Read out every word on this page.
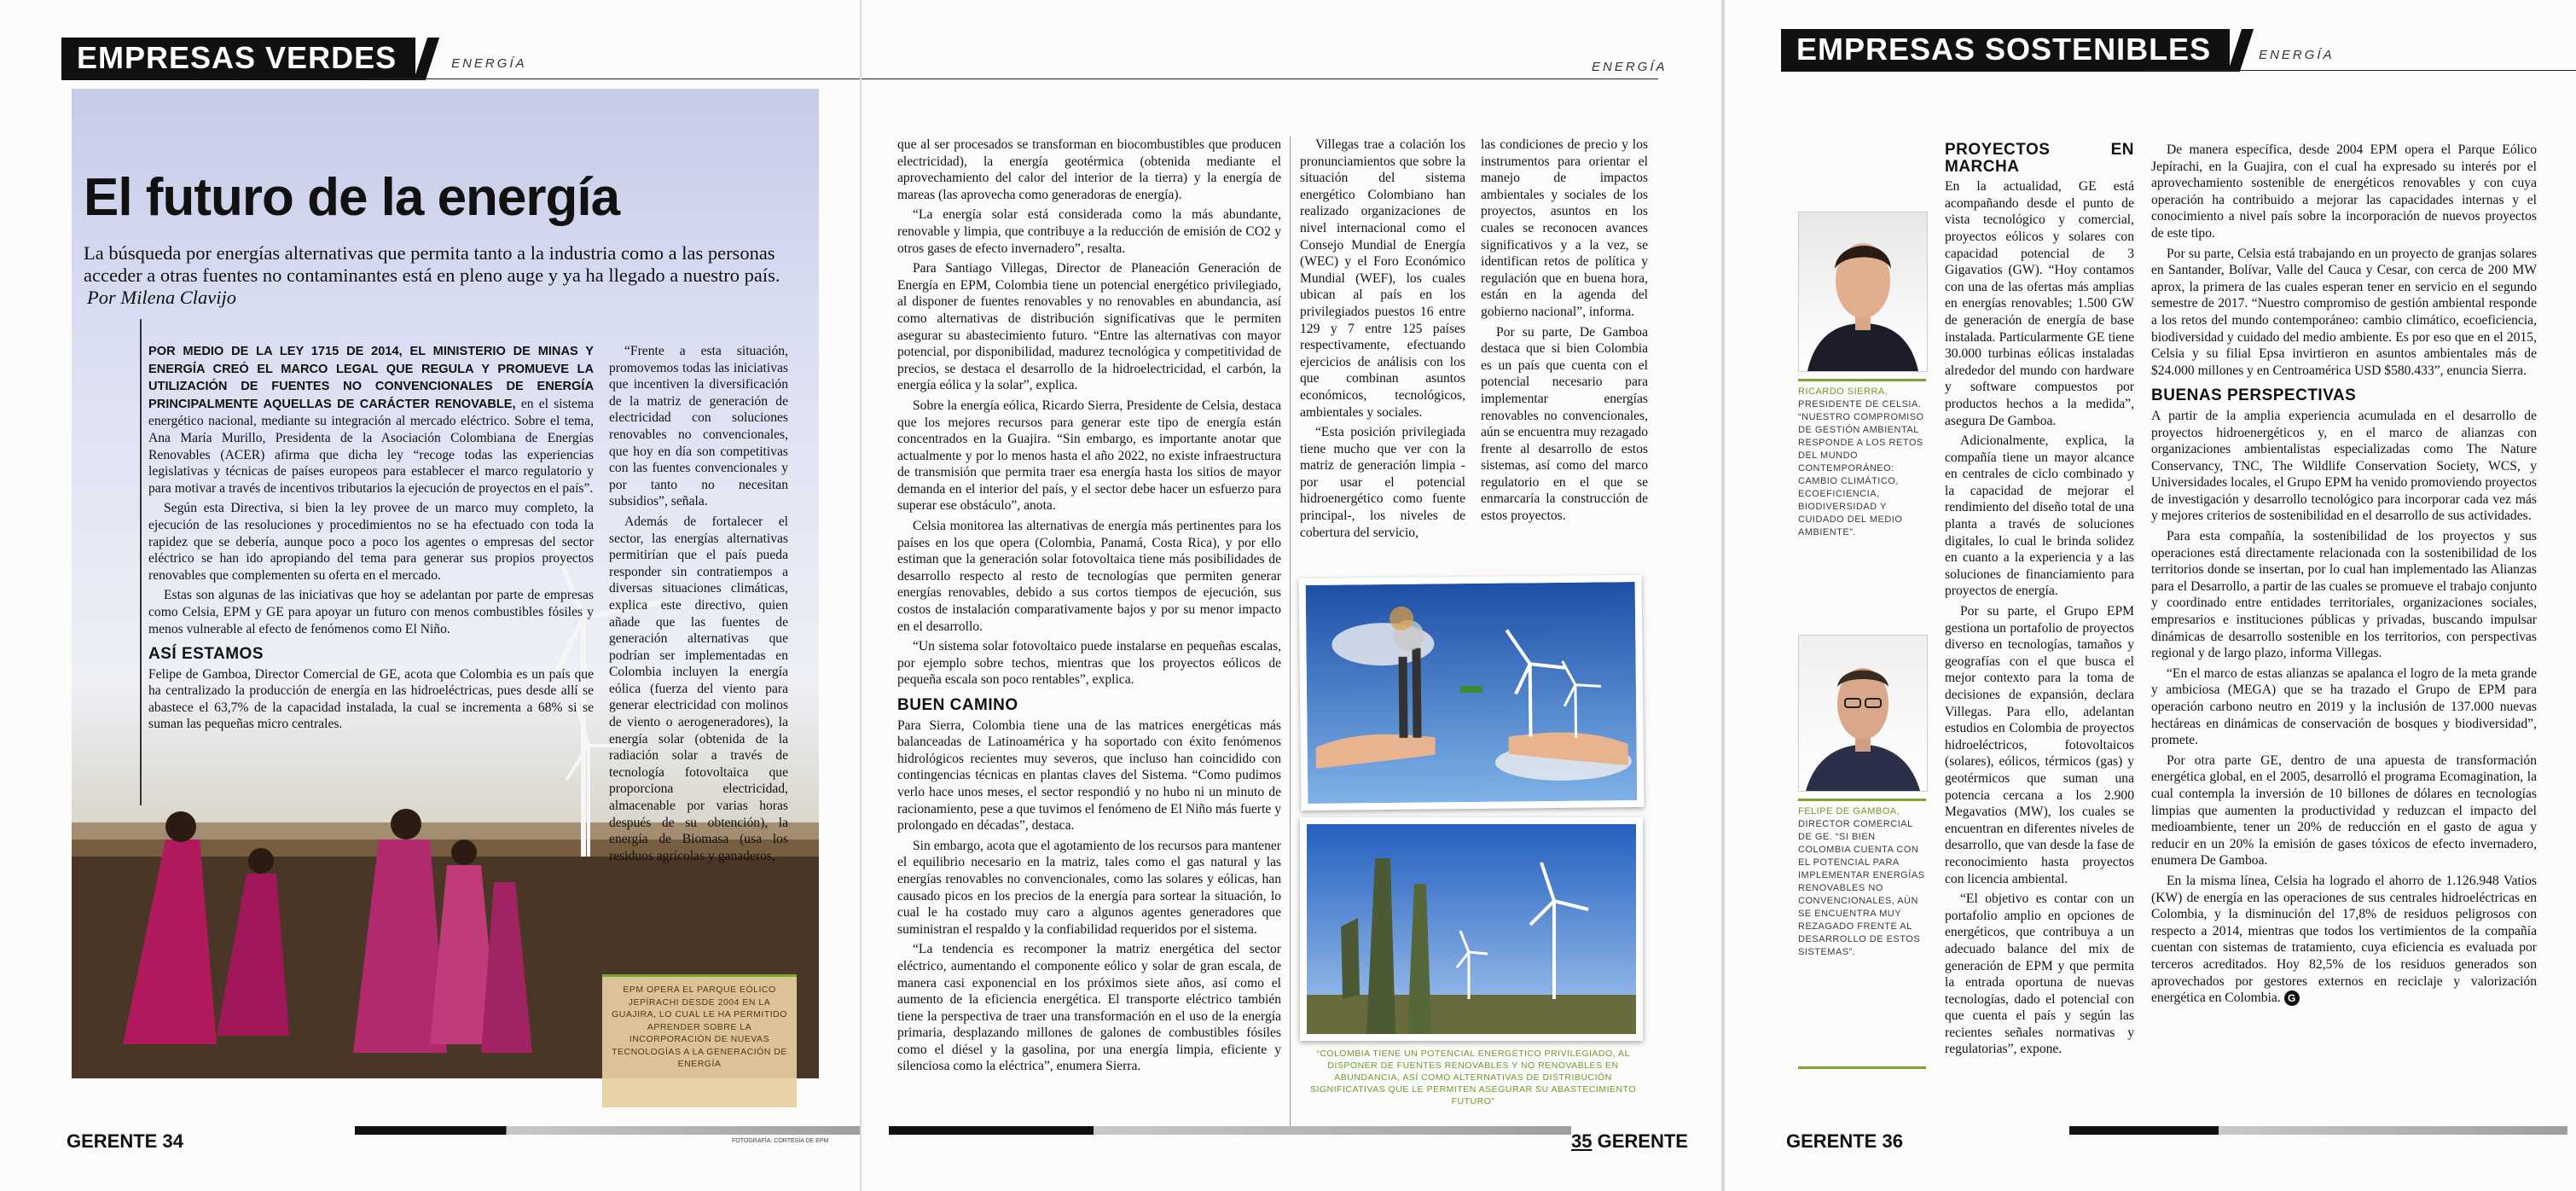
EMPRESAS VERDES	ENERGÍA
El futuro de la energía
La búsqueda por energías alternativas que permita tanto a la industria como a las personas acceder a otras fuentes no contaminantes está en pleno auge y ya ha llegado a nuestro país. Por Milena Clavijo

POR MEDIO DE LA LEY 1715 DE 2014, EL MINISTERIO DE MINAS Y ENERGÍA CREÓ EL MARCO LEGAL QUE REGULA Y PROMUEVE LA UTILIZACIÓN DE FUENTES NO CONVENCIONALES DE ENERGÍA PRINCIPALMENTE AQUELLAS DE CARÁCTER RENOVABLE, en el sistema energético nacional, mediante su integración al mercado eléctrico. Sobre el tema, Ana María Murillo, Presidenta de la Asociación Colombiana de Energías Renovables (ACER) afirma que dicha ley “recoge todas las experiencias legislativas y técnicas de países europeos para establecer el marco regulatorio y para motivar a través de incentivos tributarios la ejecución de proyectos en el país”.

Según esta Directiva, si bien la ley provee de un marco muy completo, la ejecución de las resoluciones y procedimientos no se ha efectuado con toda la rapidez que se debería, aunque poco a poco los agentes o empresas del sector eléctrico se han ido apropiando del tema para generar sus propios proyectos renovables que complementen su oferta en el mercado.

Estas son algunas de las iniciativas que hoy se adelantan por parte de empresas como Celsia, EPM y GE para apoyar un futuro con menos combustibles fósiles y menos vulnerable al efecto de fenómenos como El Niño.

ASÍ ESTAMOS

Felipe de Gamboa, Director Comercial de GE, acota que Colombia es un país que ha centralizado la producción de energía en las hidroeléctricas, pues desde allí se abastece el 63,7% de la capacidad instalada, la cual se incrementa a 68% si se suman las pequeñas micro centrales.

“Frente a esta situación, promovemos todas las iniciativas que incentiven la diversificación de la matriz de generación de electricidad con soluciones renovables no convencionales, que hoy en día son competitivas con las fuentes convencionales y por tanto no necesitan subsidios”, señala.

Además de fortalecer el sector, las energías alternativas permitirían que el país pueda responder sin contratiempos a diversas situaciones climáticas, explica este directivo, quien añade que las fuentes de generación alternativas que podrían ser implementadas en Colombia incluyen la energía eólica (fuerza del viento para generar electricidad con molinos de viento o aerogeneradores), la energía solar (obtenida de la radiación solar a través de tecnología fotovoltaica que proporciona electricidad, almacenable por varias horas después de su obtención), la energía de Biomasa (usa los residuos agrícolas y ganaderos,

EPM OPERA EL PARQUE EÓLICO JEPÍRACHI DESDE 2004 EN LA GUAJIRA, LO CUAL LE HA PERMITIDO APRENDER SOBRE LA INCORPORACIÓN DE NUEVAS TECNOLOGÍAS A LA GENERACIÓN DE ENERGÍA
GERENTE 34	FOTOGRAFÍA: CORTESÍA DE EPM
ENERGÍA

que al ser procesados se transforman en biocombustibles que producen electricidad), la energía geotérmica (obtenida mediante el aprovechamiento del calor del interior de la tierra) y la energía de mareas (las aprovecha como generadoras de energía).

“La energía solar está considerada como la más abundante, renovable y limpia, que contribuye a la reducción de emisión de CO2 y otros gases de efecto invernadero”, resalta.

Para Santiago Villegas, Director de Planeación Generación de Energía en EPM, Colombia tiene un potencial energético privilegiado, al disponer de fuentes renovables y no renovables en abundancia, así como alternativas de distribución significativas que le permiten asegurar su abastecimiento futuro. “Entre las alternativas con mayor potencial, por disponibilidad, madurez tecnológica y competitividad de precios, se destaca el desarrollo de la hidroelectricidad, el carbón, la energía eólica y la solar”, explica.

Sobre la energía eólica, Ricardo Sierra, Presidente de Celsia, destaca que los mejores recursos para generar este tipo de energía están concentrados en la Guajira. “Sin embargo, es importante anotar que actualmente y por lo menos hasta el año 2022, no existe infraestructura de transmisión que permita traer esa energía hasta los sitios de mayor demanda en el interior del país, y el sector debe hacer un esfuerzo para superar ese obstáculo”, anota.

Celsia monitorea las alternativas de energía más pertinentes para los países en los que opera (Colombia, Panamá, Costa Rica), y por ello estiman que la generación solar fotovoltaica tiene más posibilidades de desarrollo respecto al resto de tecnologías que permiten generar energías renovables, debido a sus cortos tiempos de ejecución, sus costos de instalación comparativamente bajos y por su menor impacto en el desarrollo.

“Un sistema solar fotovoltaico puede instalarse en pequeñas escalas, por ejemplo sobre techos, mientras que los proyectos eólicos de pequeña escala son poco rentables”, explica.

BUEN CAMINO

Para Sierra, Colombia tiene una de las matrices energéticas más balanceadas de Latinoamérica y ha soportado con éxito fenómenos hidrológicos recientes muy severos, que incluso han coincidido con contingencias técnicas en plantas claves del Sistema. “Como pudimos verlo hace unos meses, el sector respondió y no hubo ni un minuto de racionamiento, pese a que tuvimos el fenómeno de El Niño más fuerte y prolongado en décadas”, destaca.

Sin embargo, acota que el agotamiento de los recursos para mantener el equilibrio necesario en la matriz, tales como el gas natural y las energías renovables no convencionales, como las solares y eólicas, han causado picos en los precios de la energía para sortear la situación, lo cual le ha costado muy caro a algunos agentes generadores que suministran el respaldo y la confiabilidad requeridos por el sistema.

“La tendencia es recomponer la matriz energética del sector eléctrico, aumentando el componente eólico y solar de gran escala, de manera casi exponencial en los próximos siete años, así como el aumento de la eficiencia energética. El transporte eléctrico también tiene la perspectiva de traer una transformación en el uso de la energía primaria, desplazando millones de galones de combustibles fósiles como el diésel y la gasolina, por una energía limpia, eficiente y silenciosa como la eléctrica”, enumera Sierra.

Villegas trae a colación los pronunciamientos que sobre la situación del sistema energético Colombiano han realizado organizaciones de nivel internacional como el Consejo Mundial de Energía (WEC) y el Foro Económico Mundial (WEF), los cuales ubican al país en los privilegiados puestos 16 entre 129 y 7 entre 125 países respectivamente, efectuando ejercicios de análisis con los que combinan asuntos económicos, tecnológicos, ambientales y sociales.

“Esta posición privilegiada tiene mucho que ver con la matriz de generación limpia -por usar el potencial hidroenergético como fuente principal-, los niveles de cobertura del servicio,

las condiciones de precio y los instrumentos para orientar el manejo de impactos ambientales y sociales de los proyectos, asuntos en los cuales se reconocen avances significativos y a la vez, se identifican retos de política y regulación que en buena hora, están en la agenda del gobierno nacional”, informa.

Por su parte, De Gamboa destaca que si bien Colombia es un país que cuenta con el potencial necesario para implementar energías renovables no convencionales, aún se encuentra muy rezagado frente al desarrollo de estos sistemas, así como del marco regulatorio en el que se enmarcaría la construcción de estos proyectos.

“COLOMBIA TIENE UN POTENCIAL ENERGÉTICO PRIVILEGIADO, AL DISPONER DE FUENTES RENOVABLES Y NO RENOVABLES EN ABUNDANCIA, ASÍ COMO ALTERNATIVAS DE DISTRIBUCIÓN SIGNIFICATIVAS QUE LE PERMITEN ASEGURAR SU ABASTECIMIENTO FUTURO”
35 GERENTE
EMPRESAS SOSTENIBLES	ENERGÍA
RICARDO SIERRA, PRESIDENTE DE CELSIA. “NUESTRO COMPROMISO DE GESTIÓN AMBIENTAL RESPONDE A LOS RETOS DEL MUNDO CONTEMPORÁNEO: CAMBIO CLIMÁTICO, ECOEFICIENCIA, BIODIVERSIDAD Y CUIDADO DEL MEDIO AMBIENTE”.
FELIPE DE GAMBOA, DIRECTOR COMERCIAL DE GE. “SI BIEN COLOMBIA CUENTA CON EL POTENCIAL PARA IMPLEMENTAR ENERGÍAS RENOVABLES NO CONVENCIONALES, AÚN SE ENCUENTRA MUY REZAGADO FRENTE AL DESARROLLO DE ESTOS SISTEMAS”.
PROYECTOS EN MARCHA

En la actualidad, GE está acompañando desde el punto de vista tecnológico y comercial, proyectos eólicos y solares con capacidad potencial de 3 Gigavatios (GW). “Hoy contamos con una de las ofertas más amplias en energías renovables; 1.500 GW de generación de energía de base instalada. Particularmente GE tiene 30.000 turbinas eólicas instaladas alrededor del mundo con hardware y software compuestos por productos hechos a la medida”, asegura De Gamboa.

Adicionalmente, explica, la compañía tiene un mayor alcance en centrales de ciclo combinado y la capacidad de mejorar el rendimiento del diseño total de una planta a través de soluciones digitales, lo cual le brinda solidez en cuanto a la experiencia y a las soluciones de financiamiento para proyectos de energía.

Por su parte, el Grupo EPM gestiona un portafolio de proyectos diverso en tecnologías, tamaños y geografías con el que busca el mejor contexto para la toma de decisiones de expansión, declara Villegas. Para ello, adelantan estudios en Colombia de proyectos hidroeléctricos, fotovoltaicos (solares), eólicos, térmicos (gas) y geotérmicos que suman una potencia cercana a los 2.900 Megavatios (MW), los cuales se encuentran en diferentes niveles de desarrollo, que van desde la fase de reconocimiento hasta proyectos con licencia ambiental.

“El objetivo es contar con un portafolio amplio en opciones de energéticos, que contribuya a un adecuado balance del mix de generación de EPM y que permita la entrada oportuna de nuevas tecnologías, dado el potencial con que cuenta el país y según las recientes señales normativas y regulatorias”, expone.

De manera específica, desde 2004 EPM opera el Parque Eólico Jepírachi, en la Guajira, con el cual ha expresado su interés por el aprovechamiento sostenible de energéticos renovables y con cuya operación ha contribuido a mejorar las capacidades internas y el conocimiento a nivel país sobre la incorporación de nuevos proyectos de este tipo.

Por su parte, Celsia está trabajando en un proyecto de granjas solares en Santander, Bolívar, Valle del Cauca y Cesar, con cerca de 200 MW aprox, la primera de las cuales esperan tener en servicio en el segundo semestre de 2017. “Nuestro compromiso de gestión ambiental responde a los retos del mundo contemporáneo: cambio climático, ecoeficiencia, biodiversidad y cuidado del medio ambiente. Es por eso que en el 2015, Celsia y su filial Epsa invirtieron en asuntos ambientales más de $24.000 millones y en Centroamérica USD $580.433”, enuncia Sierra.

BUENAS PERSPECTIVAS

A partir de la amplia experiencia acumulada en el desarrollo de proyectos hidroenergéticos y, en el marco de alianzas con organizaciones ambientalistas especializadas como The Nature Conservancy, TNC, The Wildlife Conservation Society, WCS, y Universidades locales, el Grupo EPM ha venido promoviendo proyectos de investigación y desarrollo tecnológico para incorporar cada vez más y mejores criterios de sostenibilidad en el desarrollo de sus actividades.

Para esta compañía, la sostenibilidad de los proyectos y sus operaciones está directamente relacionada con la sostenibilidad de los territorios donde se insertan, por lo cual han implementado las Alianzas para el Desarrollo, a partir de las cuales se promueve el trabajo conjunto y coordinado entre entidades territoriales, organizaciones sociales, empresarios e instituciones públicas y privadas, buscando impulsar dinámicas de desarrollo sostenible en los territorios, con perspectivas regional y de largo plazo, informa Villegas.

“En el marco de estas alianzas se apalanca el logro de la meta grande y ambiciosa (MEGA) que se ha trazado el Grupo de EPM para operación carbono neutro en 2019 y la inclusión de 137.000 nuevas hectáreas en dinámicas de conservación de bosques y biodiversidad”, promete.

Por otra parte GE, dentro de una apuesta de transformación energética global, en el 2005, desarrolló el programa Ecomagination, la cual contempla la inversión de 10 billones de dólares en tecnologías limpias que aumenten la productividad y reduzcan el impacto del medioambiente, tener un 20% de reducción en el gasto de agua y reducir en un 20% la emisión de gases tóxicos de efecto invernadero, enumera De Gamboa.

En la misma línea, Celsia ha logrado el ahorro de 1.126.948 Vatios (KW) de energía en las operaciones de sus centrales hidroeléctricas en Colombia, y la disminución del 17,8% de residuos peligrosos con respecto a 2014, mientras que todos los vertimientos de la compañía cuentan con sistemas de tratamiento, cuya eficiencia es evaluada por terceros acreditados. Hoy 82,5% de los residuos generados son aprovechados por gestores externos en reciclaje y valorización energética en Colombia. G

GERENTE 36
